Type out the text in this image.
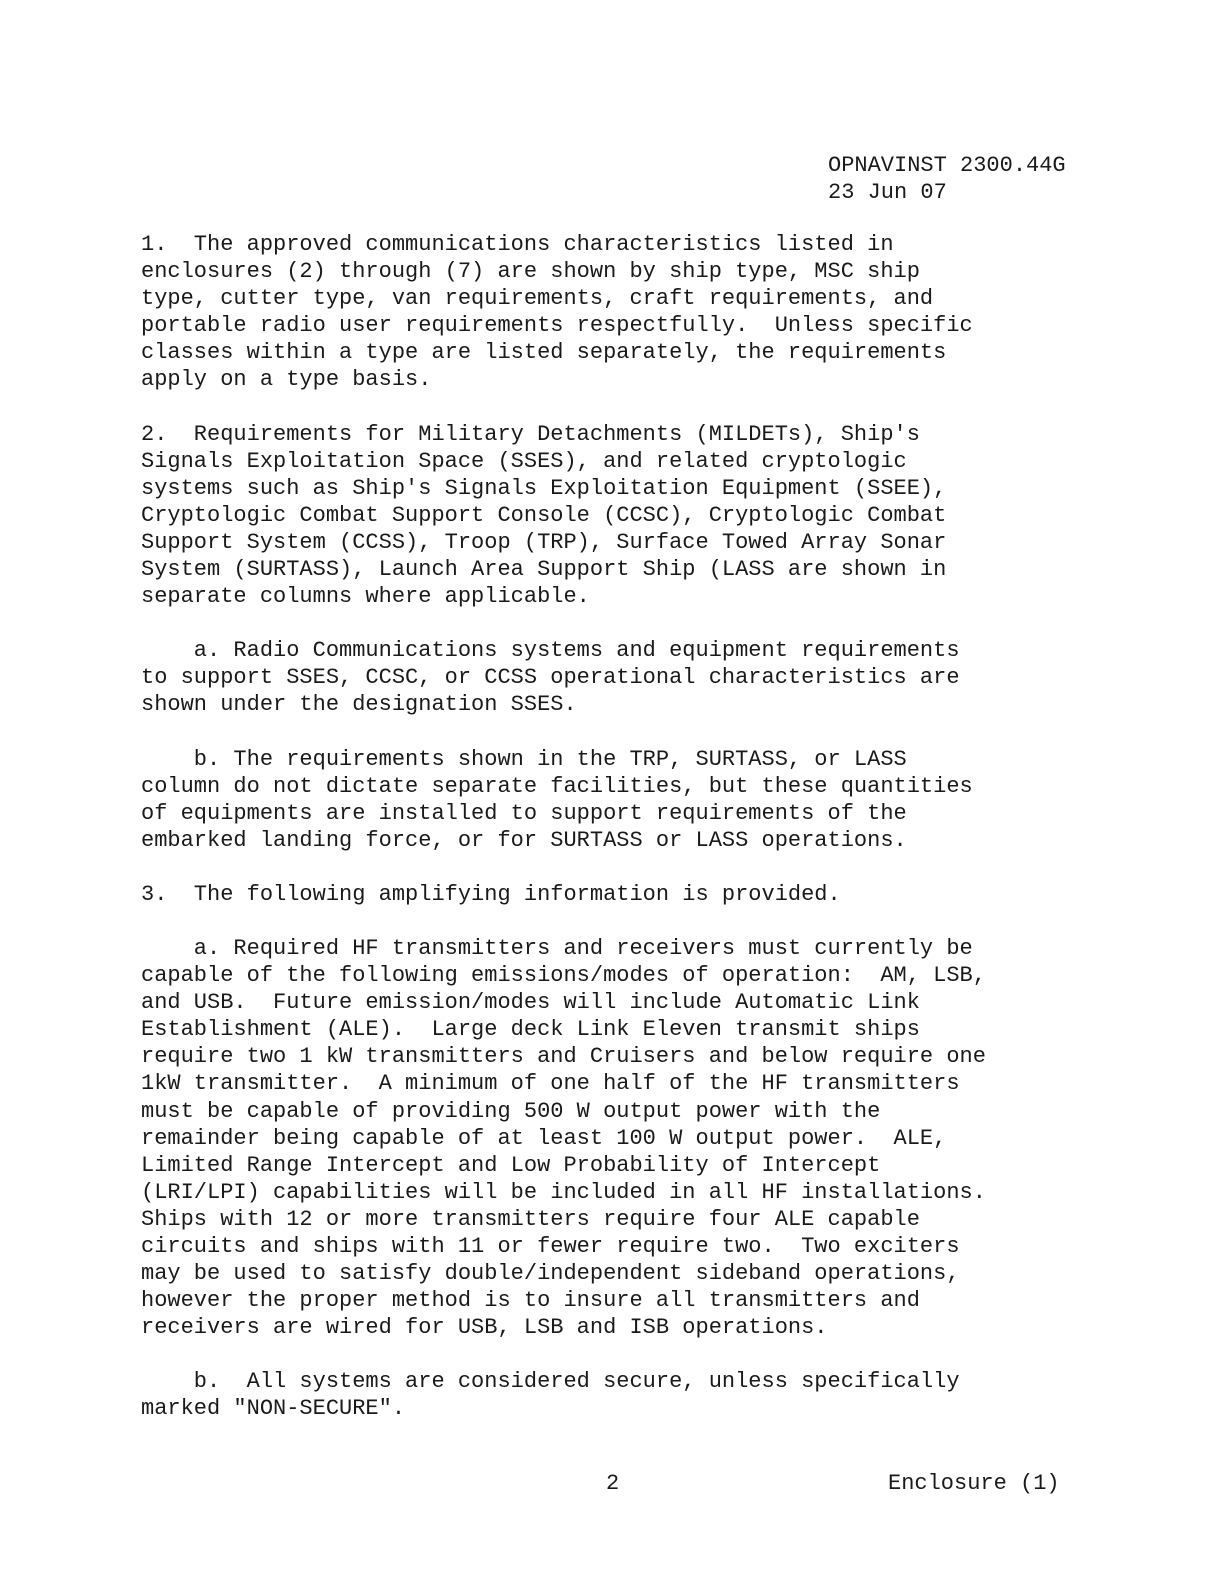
OPNAVINST 2300.44G
23 Jun 07

1.  The approved communications characteristics listed in
enclosures (2) through (7) are shown by ship type, MSC ship
type, cutter type, van requirements, craft requirements, and
portable radio user requirements respectfully.  Unless specific
classes within a type are listed separately, the requirements
apply on a type basis.

2.  Requirements for Military Detachments (MILDETs), Ship's
Signals Exploitation Space (SSES), and related cryptologic
systems such as Ship's Signals Exploitation Equipment (SSEE),
Cryptologic Combat Support Console (CCSC), Cryptologic Combat
Support System (CCSS), Troop (TRP), Surface Towed Array Sonar
System (SURTASS), Launch Area Support Ship (LASS are shown in
separate columns where applicable.

a. Radio Communications systems and equipment requirements
to support SSES, CCSC, or CCSS operational characteristics are
shown under the designation SSES.

b. The requirements shown in the TRP, SURTASS, or LASS
column do not dictate separate facilities, but these quantities
of equipments are installed to support requirements of the
embarked landing force, or for SURTASS or LASS operations.

3.  The following amplifying information is provided.

a. Required HF transmitters and receivers must currently be
capable of the following emissions/modes of operation:  AM, LSB,
and USB.  Future emission/modes will include Automatic Link
Establishment (ALE).  Large deck Link Eleven transmit ships
require two 1 kW transmitters and Cruisers and below require one
1kW transmitter.  A minimum of one half of the HF transmitters
must be capable of providing 500 W output power with the
remainder being capable of at least 100 W output power.  ALE,
Limited Range Intercept and Low Probability of Intercept
(LRI/LPI) capabilities will be included in all HF installations.
Ships with 12 or more transmitters require four ALE capable
circuits and ships with 11 or fewer require two.  Two exciters
may be used to satisfy double/independent sideband operations,
however the proper method is to insure all transmitters and
receivers are wired for USB, LSB and ISB operations.

b.  All systems are considered secure, unless specifically
marked "NON-SECURE".

2	Enclosure (1)
